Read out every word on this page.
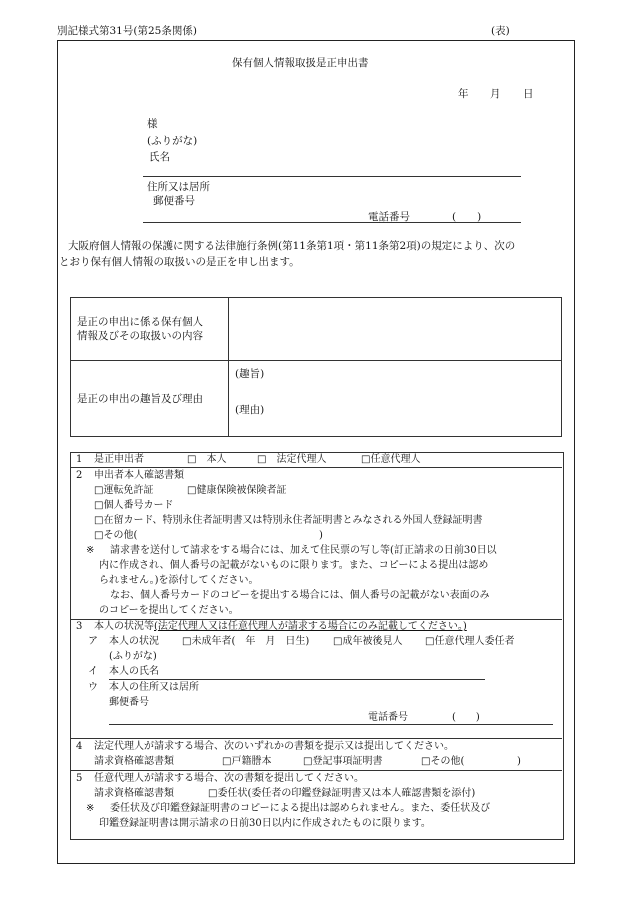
別記様式第31号(第25条関係)	(表)
保有個人情報取扱是正申出書
年 月 日
様
(ふりがな)
氏名
住所又は居所
郵便番号
電話番号	(　　)
大阪府個人情報の保護に関する法律施行条例(第11条第1項・第11条第2項)の規定により、次の
とおり保有個人情報の取扱いの是正を申し出ます。
是正の申出に係る保有個人
情報及びその取扱いの内容	

是正の申出の趣旨及び理由	(趣旨)
(理由)
1 是正申出者	□　本人	□　法定代理人	□任意代理人
2 申出者本人確認書類
□運転免許証	□健康保険被保険者証
□個人番号カード
□在留カード、特別永住者証明書又は特別永住者証明書とみなされる外国人登録証明書
□その他(	)
※ 請求書を送付して請求をする場合には、加えて住民票の写し等(訂正請求の日前30日以
内に作成され、個人番号の記載がないものに限ります。また、コピーによる提出は認め
られません。)を添付してください。
なお、個人番号カードのコピーを提出する場合には、個人番号の記載がない表面のみ
のコピーを提出してください。
3 本人の状況等 (法定代理人又は任意代理人が請求する場合にのみ記載してください。)
ア 本人の状況 □未成年者(　年　月　日生) □成年被後見人 □任意代理人委任者
(ふりがな)
イ 本人の氏名
ウ 本人の住所又は居所
郵便番号
電話番号	(　　)
4 法定代理人が請求する場合、次のいずれかの書類を提示又は提出してください。
請求資格確認書類	□戸籍謄本	□登記事項証明書	□その他(	)
5 任意代理人が請求する場合、次の書類を提出してください。
請求資格確認書類	□委任状(委任者の印鑑登録証明書又は本人確認書類を添付)
※ 委任状及び印鑑登録証明書のコピーによる提出は認められません。また、委任状及び
印鑑登録証明書は開示請求の日前30日以内に作成されたものに限ります。
